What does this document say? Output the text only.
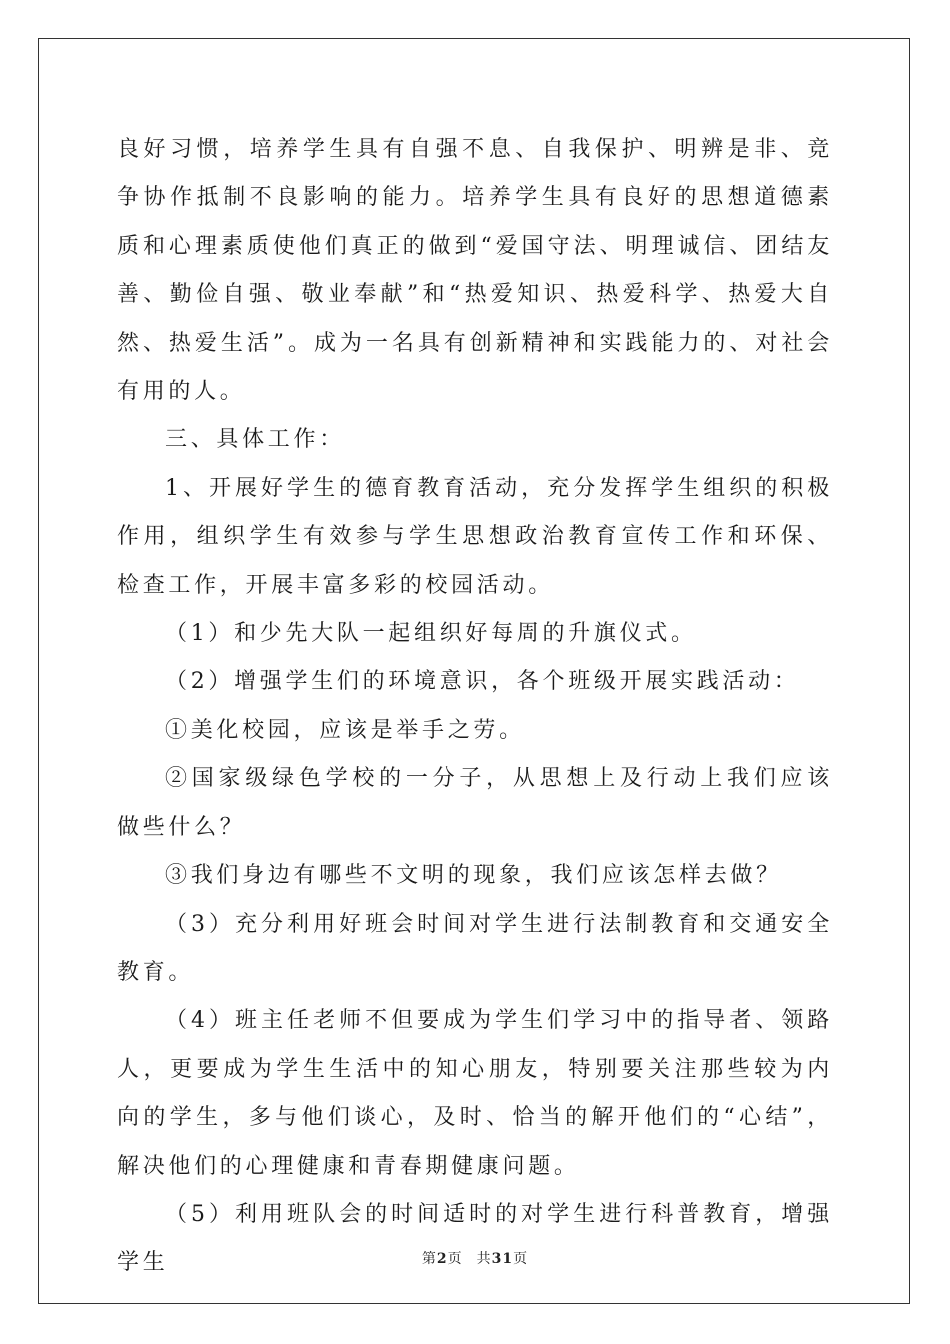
良好习惯，培养学生具有自强不息、自我保护、明辨是非、竞争协作抵制不良影响的能力。培养学生具有良好的思想道德素质和心理素质使他们真正的做到“爱国守法、明理诚信、团结友善、勤俭自强、敬业奉献”和“热爱知识、热爱科学、热爱大自然、热爱生活”。成为一名具有创新精神和实践能力的、对社会有用的人。

三、具体工作：

1、开展好学生的德育教育活动，充分发挥学生组织的积极作用，组织学生有效参与学生思想政治教育宣传工作和环保、检查工作，开展丰富多彩的校园活动。

（1）和少先大队一起组织好每周的升旗仪式。

（2）增强学生们的环境意识，各个班级开展实践活动：

①美化校园，应该是举手之劳。

②国家级绿色学校的一分子，从思想上及行动上我们应该做些什么？

③我们身边有哪些不文明的现象，我们应该怎样去做？

（3）充分利用好班会时间对学生进行法制教育和交通安全教育。

（4）班主任老师不但要成为学生们学习中的指导者、领路人，更要成为学生生活中的知心朋友，特别要关注那些较为内向的学生，多与他们谈心，及时、恰当的解开他们的“心结”，解决他们的心理健康和青春期健康问题。

（5）利用班队会的时间适时的对学生进行科普教育，增强学生	第2页 共31页
